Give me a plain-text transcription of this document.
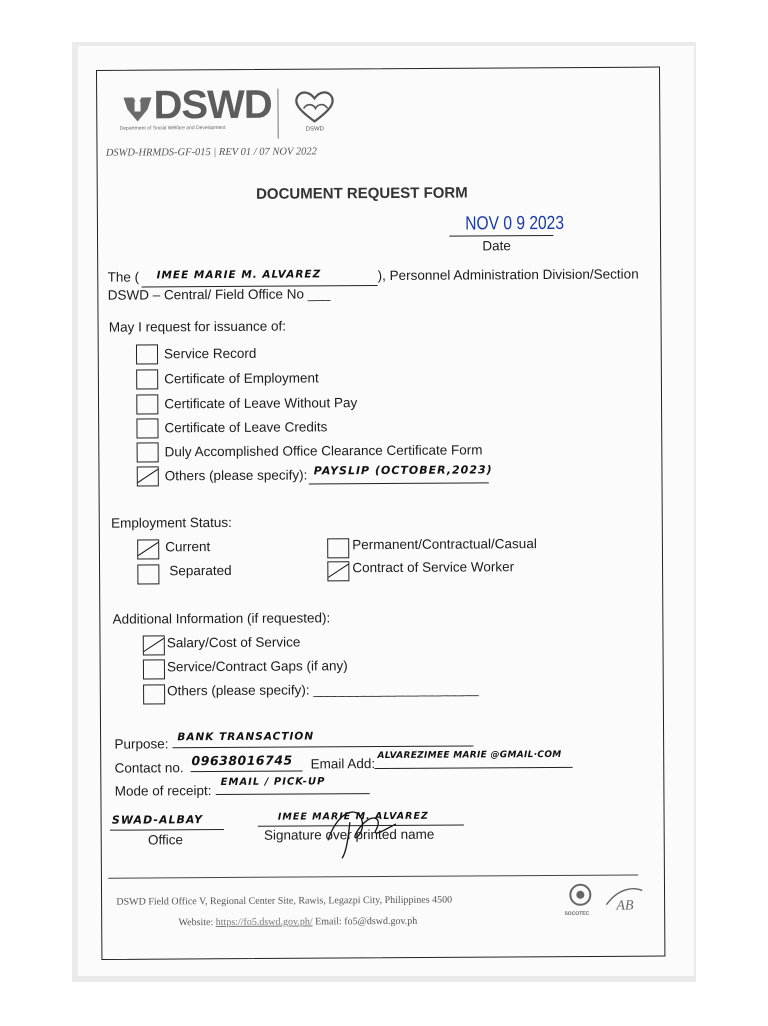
DSWD
Department of Social Welfare and Development	DSWD
DSWD-HRMDS-GF-015 | REV 01 / 07 NOV 2022
DOCUMENT REQUEST FORM
NOV 0 9 2023
Date
The ( IMEE MARIE M. ALVAREZ	), Personnel Administration Division/Section
DSWD – Central/ Field Office No ___
May I request for issuance of:
Service Record
Certificate of Employment
Certificate of Leave Without Pay
Certificate of Leave Credits
Duly Accomplished Office Clearance Certificate Form
Others (please specify): PAYSLIP (OCTOBER,2023)
Employment Status:
Current
Separated
Permanent/Contractual/Casual
Contract of Service Worker
Additional Information (if requested):
Salary/Cost of Service
Service/Contract Gaps (if any)
Others (please specify): ______________________
Purpose: BANK TRANSACTION
Contact no. 09638016745 Email Add:
ALVAREZIMEE MARIE @GMAIL·COM
Mode of receipt:
EMAIL / PICK-UP
SWAD-ALBAY
Office
IMEE MARIE M. ALVAREZ
Signature over printed name
DSWD Field Office V, Regional Center Site, Rawis, Legazpi City, Philippines 4500
Website: https://fo5.dswd.gov.ph/ Email: fo5@dswd.gov.ph
SOCOTEC
AB
